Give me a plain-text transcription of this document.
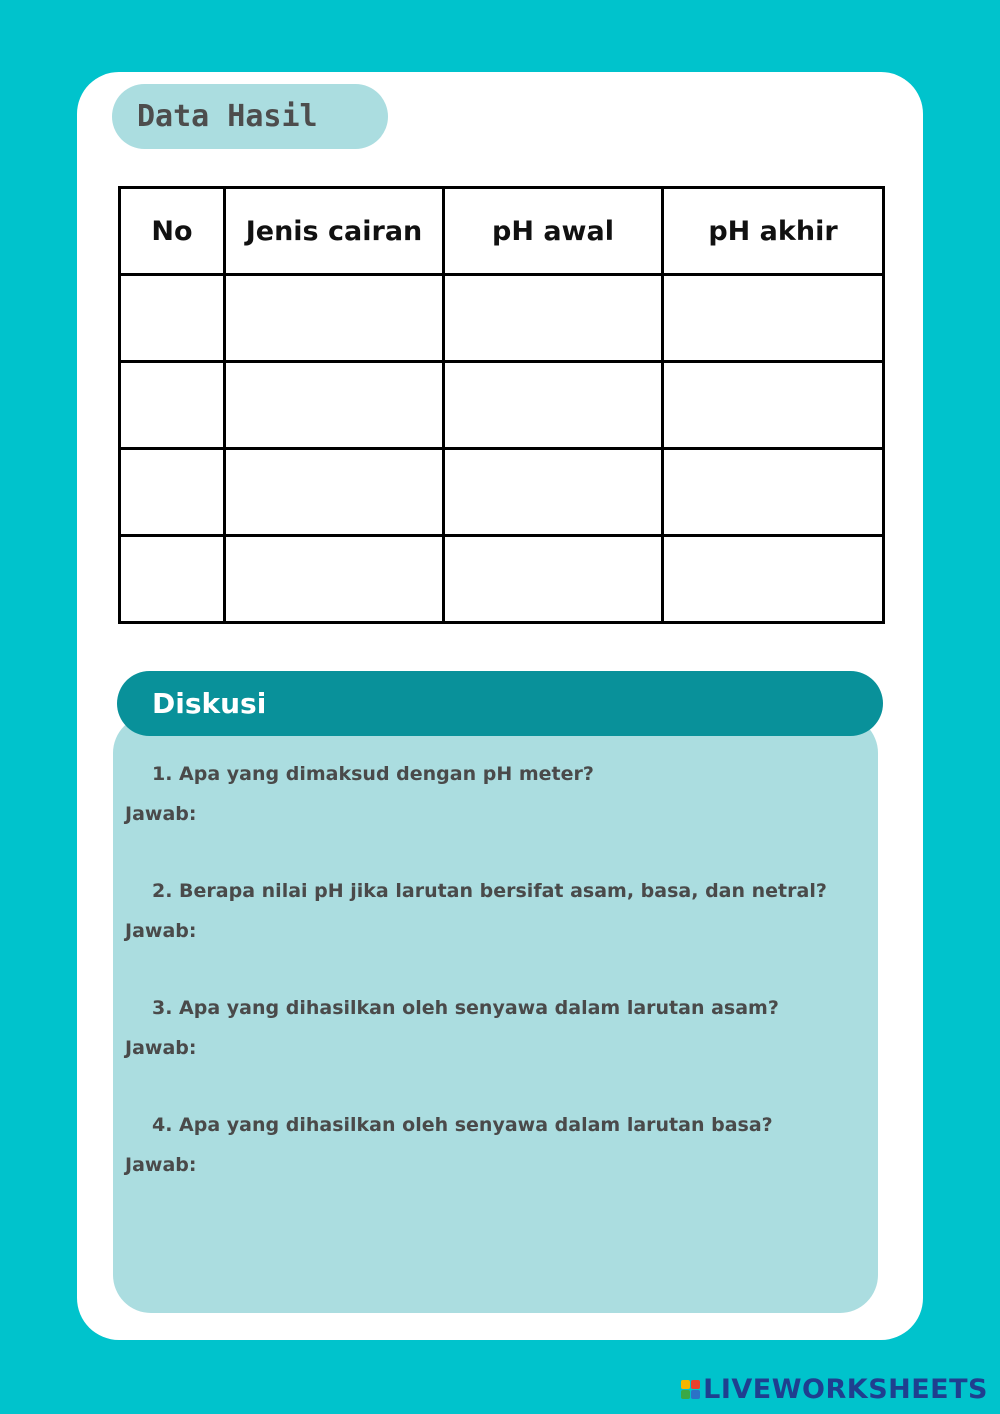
Data Hasil
No	Jenis cairan	pH awal	pH akhir

Diskusi
1. Apa yang dimaksud dengan pH meter?
Jawab:
2. Berapa nilai pH jika larutan bersifat asam, basa, dan netral?
Jawab:
3. Apa yang dihasilkan oleh senyawa dalam larutan asam?
Jawab:
4. Apa yang dihasilkan oleh senyawa dalam larutan basa?
Jawab:
LIVEWORKSHEETS
